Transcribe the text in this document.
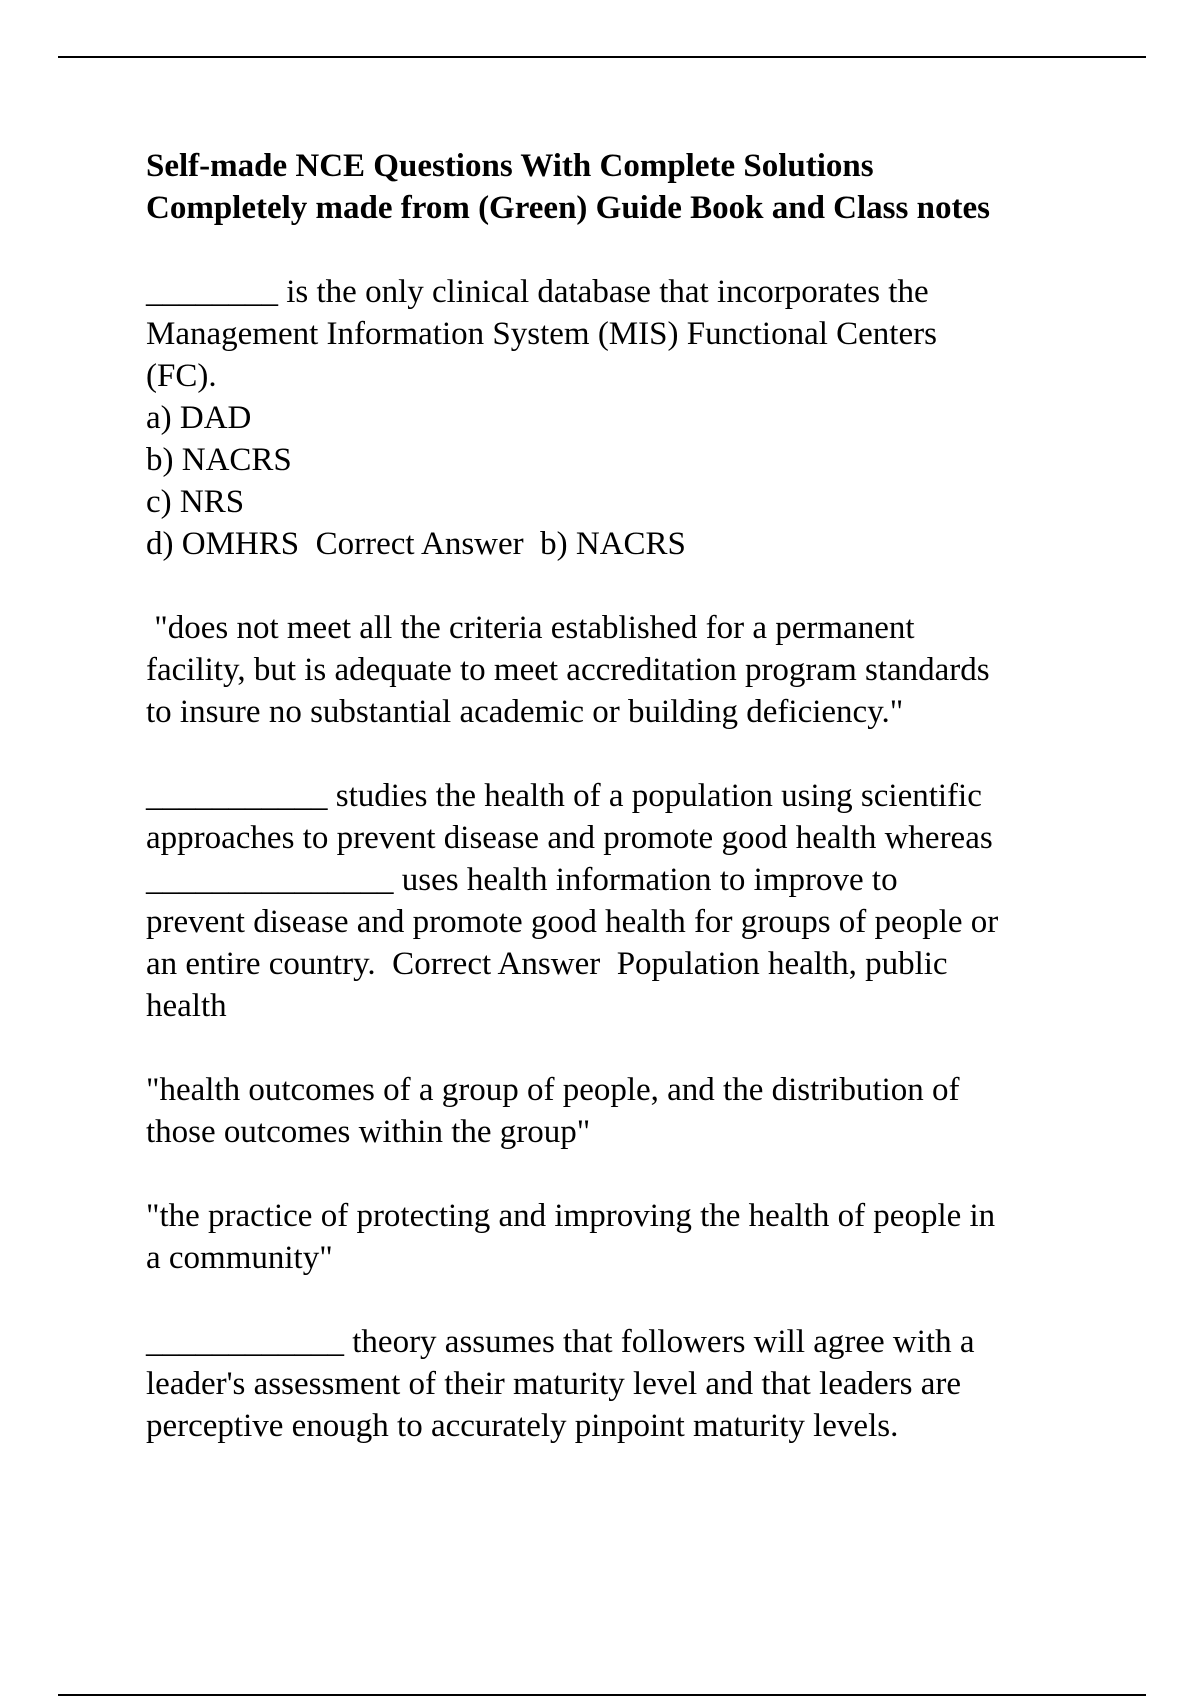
Self-made NCE Questions With Complete Solutions
Completely made from (Green) Guide Book and Class notes
________ is the only clinical database that incorporates the
Management Information System (MIS) Functional Centers
(FC).
a) DAD
b) NACRS
c) NRS
d) OMHRS  Correct Answer  b) NACRS
"does not meet all the criteria established for a permanent
facility, but is adequate to meet accreditation program standards
to insure no substantial academic or building deficiency."
___________ studies the health of a population using scientific
approaches to prevent disease and promote good health whereas
_______________ uses health information to improve to
prevent disease and promote good health for groups of people or
an entire country.  Correct Answer  Population health, public
health
"health outcomes of a group of people, and the distribution of
those outcomes within the group"
"the practice of protecting and improving the health of people in
a community"
____________ theory assumes that followers will agree with a
leader's assessment of their maturity level and that leaders are
perceptive enough to accurately pinpoint maturity levels.
